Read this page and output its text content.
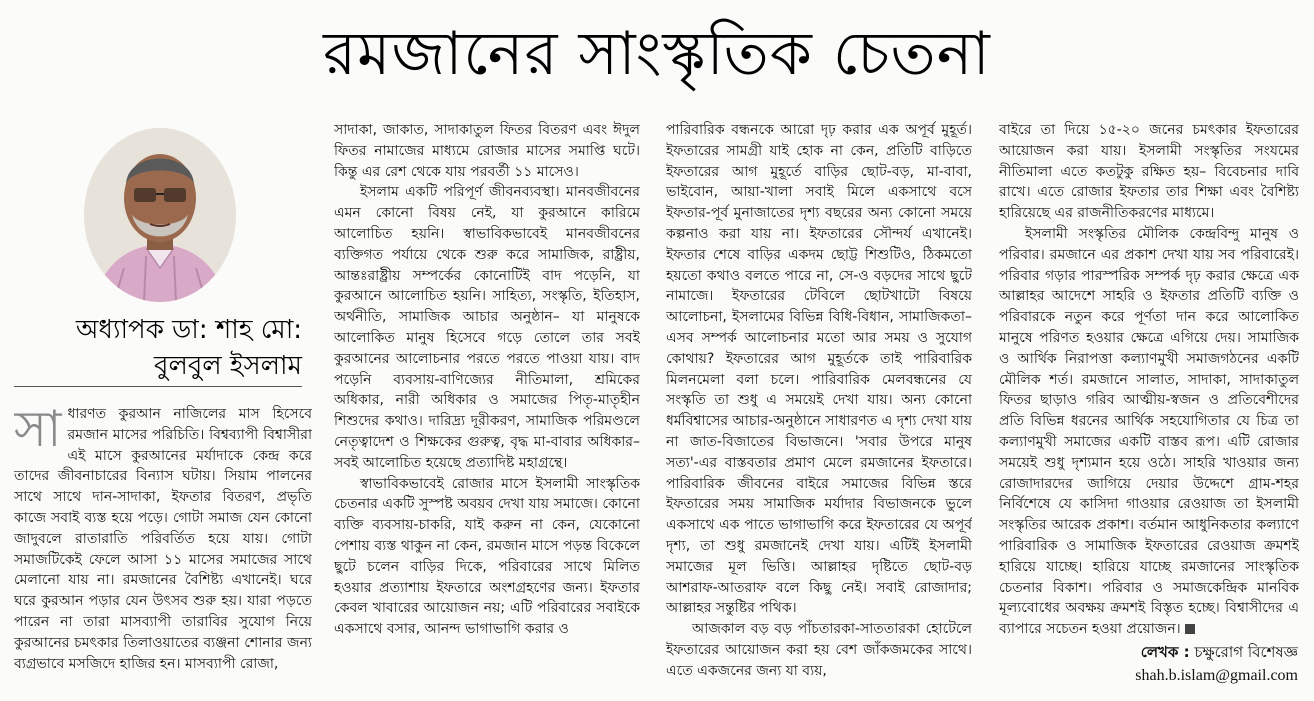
রমজানের সাংস্কৃতিক চেতনা
অধ্যাপক ডা: শাহ মো:
বুলবুল ইসলাম

সাধারণত কুরআন নাজিলের মাস হিসেবে রমজান মাসের পরিচিতি। বিশ্বব্যাপী বিশ্বাসীরা এই মাসে কুরআনের মর্যাদাকে কেন্দ্র করে তাদের জীবনাচারের বিন্যাস ঘটায়। সিয়াম পালনের সাথে সাথে দান-সাদাকা, ইফতার বিতরণ, প্রভৃতি কাজে সবাই ব্যস্ত হয়ে পড়ে। গোটা সমাজ যেন কোনো জাদুবলে রাতারাতি পরিবর্তিত হয়ে যায়। গোটা সমাজটিকেই ফেলে আসা ১১ মাসের সমাজের সাথে মেলানো যায় না। রমজানের বৈশিষ্ট্য এখানেই। ঘরে ঘরে কুরআন পড়ার যেন উৎসব শুরু হয়। যারা পড়তে পারেন না তারা মাসব্যাপী তারাবির সুযোগ নিয়ে কুরআনের চমৎকার তিলাওয়াতের ব্যঞ্জনা শোনার জন্য ব্যগ্রভাবে মসজিদে হাজির হন। মাসব্যাপী রোজা,

সাদাকা, জাকাত, সাদাকাতুল ফিতর বিতরণ এবং ঈদুল ফিতর নামাজের মাধ্যমে রোজার মাসের সমাপ্তি ঘটে। কিন্তু এর রেশ থেকে যায় পরবর্তী ১১ মাসেও।

ইসলাম একটি পরিপূর্ণ জীবনব্যবস্থা। মানবজীবনের এমন কোনো বিষয় নেই, যা কুরআনে কারিমে আলোচিত হয়নি। স্বাভাবিকভাবেই মানবজীবনের ব্যক্তিগত পর্যায়ে থেকে শুরু করে সামাজিক, রাষ্ট্রীয়, আন্তঃরাষ্ট্রীয় সম্পর্কের কোনোটিই বাদ পড়েনি, যা কুরআনে আলোচিত হয়নি। সাহিত্য, সংস্কৃতি, ইতিহাস, অর্থনীতি, সামাজিক আচার অনুষ্ঠান– যা মানুষকে আলোকিত মানুষ হিসেবে গড়ে তোলে তার সবই কুরআনের আলোচনার পরতে পরতে পাওয়া যায়। বাদ পড়েনি ব্যবসায়-বাণিজ্যের নীতিমালা, শ্রমিকের অধিকার, নারী অধিকার ও সমাজের পিতৃ-মাতৃহীন শিশুদের কথাও। দারিদ্র্য দূরীকরণ, সামাজিক পরিমণ্ডলে নেতৃত্বাদেশ ও শিক্ষকের গুরুত্ব, বৃদ্ধ মা-বাবার অধিকার– সবই আলোচিত হয়েছে প্রত্যাদিষ্ট মহাগ্রন্থে।

স্বাভাবিকভাবেই রোজার মাসে ইসলামী সাংস্কৃতিক চেতনার একটি সুস্পষ্ট অবয়ব দেখা যায় সমাজে। কোনো ব্যক্তি ব্যবসায়-চাকরি, যাই করুন না কেন, যেকোনো পেশায় ব্যস্ত থাকুন না কেন, রমজান মাসে পড়ন্ত বিকেলে ছুটে চলেন বাড়ির দিকে, পরিবারের সাথে মিলিত হওয়ার প্রত্যাশায় ইফতারে অংশগ্রহণের জন্য। ইফতার কেবল খাবারের আয়োজন নয়; এটি পরিবারের সবাইকে একসাথে বসার, আনন্দ ভাগাভাগি করার ও

পারিবারিক বন্ধনকে আরো দৃঢ় করার এক অপূর্ব মুহূর্ত। ইফতারের সামগ্রী যাই হোক না কেন, প্রতিটি বাড়িতে ইফতারের আগ মুহূর্তে বাড়ির ছোট-বড়, মা-বাবা, ভাইবোন, আয়া-খালা সবাই মিলে একসাথে বসে ইফতার-পূর্ব মুনাজাতের দৃশ্য বছরের অন্য কোনো সময়ে কল্পনাও করা যায় না। ইফতারের সৌন্দর্য এখানেই। ইফতার শেষে বাড়ির একদম ছোট্ট শিশুটিও, ঠিকমতো হয়তো কথাও বলতে পারে না, সে-ও বড়দের সাথে ছুটে নামাজে। ইফতারের টেবিলে ছোটখাটো বিষয়ে আলোচনা, ইসলামের বিভিন্ন বিধি-বিধান, সামাজিকতা– এসব সম্পর্ক আলোচনার মতো আর সময় ও সুযোগ কোথায়? ইফতারের আগ মুহূর্তকে তাই পারিবারিক মিলনমেলা বলা চলে। পারিবারিক মেলবন্ধনের যে সংস্কৃতি তা শুধু এ সময়েই দেখা যায়। অন্য কোনো ধর্মবিশ্বাসের আচার-অনুষ্ঠানে সাধারণত এ দৃশ্য দেখা যায় না জাত-বিজাতের বিভাজনে। 'সবার উপরে মানুষ সত্য'-এর বাস্তবতার প্রমাণ মেলে রমজানের ইফতারে। পারিবারিক জীবনের বাইরে সমাজের বিভিন্ন স্তরে ইফতারের সময় সামাজিক মর্যাদার বিভাজনকে ভুলে একসাথে এক পাতে ভাগাভাগি করে ইফতারের যে অপূর্ব দৃশ্য, তা শুধু রমজানেই দেখা যায়। এটিই ইসলামী সমাজের মূল ভিত্তি। আল্লাহর দৃষ্টিতে ছোট-বড় আশরাফ-আতরাফ বলে কিছু নেই। সবাই রোজাদার; আল্লাহর সন্তুষ্টির পথিক।

আজকাল বড় বড় পাঁচতারকা-সাততারকা হোটেলে ইফতারের আয়োজন করা হয় বেশ জাঁকজমকের সাথে। এতে একজনের জন্য যা ব্যয়,

বাইরে তা দিয়ে ১৫-২০ জনের চমৎকার ইফতারের আয়োজন করা যায়। ইসলামী সংস্কৃতির সংযমের নীতিমালা এতে কতটুকু রক্ষিত হয়– বিবেচনার দাবি রাখে। এতে রোজার ইফতার তার শিক্ষা এবং বৈশিষ্ট্য হারিয়েছে এর রাজনীতিকরণের মাধ্যমে।

ইসলামী সংস্কৃতির মৌলিক কেন্দ্রবিন্দু মানুষ ও পরিবার। রমজানে এর প্রকাশ দেখা যায় সব পরিবারেই। পরিবার গড়ার পারস্পরিক সম্পর্ক দৃঢ় করার ক্ষেত্রে এক আল্লাহর আদেশে সাহরি ও ইফতার প্রতিটি ব্যক্তি ও পরিবারকে নতুন করে পূর্ণতা দান করে আলোকিত মানুষে পরিণত হওয়ার ক্ষেত্রে এগিয়ে দেয়। সামাজিক ও আর্থিক নিরাপত্তা কল্যাণমুখী সমাজগঠনের একটি মৌলিক শর্ত। রমজানে সালাত, সাদাকা, সাদাকাতুল ফিতর ছাড়াও গরিব আত্মীয়-স্বজন ও প্রতিবেশীদের প্রতি বিভিন্ন ধরনের আর্থিক সহযোগিতার যে চিত্র তা কল্যাণমুখী সমাজের একটি বাস্তব রূপ। এটি রোজার সময়েই শুধু দৃশ্যমান হয়ে ওঠে। সাহরি খাওয়ার জন্য রোজাদারদের জাগিয়ে দেয়ার উদ্দেশে গ্রাম-শহর নির্বিশেষে যে কাসিদা গাওয়ার রেওয়াজ তা ইসলামী সংস্কৃতির আরেক প্রকাশ। বর্তমান আধুনিকতার কল্যাণে পারিবারিক ও সামাজিক ইফতারের রেওয়াজ ক্রমশই হারিয়ে যাচ্ছে। হারিয়ে যাচ্ছে রমজানের সাংস্কৃতিক চেতনার বিকাশ। পরিবার ও সমাজকেন্দ্রিক মানবিক মূল্যবোধের অবক্ষয় ক্রমশই বিস্তৃত হচ্ছে। বিশ্বাসীদের এ ব্যাপারে সচেতন হওয়া প্রয়োজন।

লেখক : চক্ষুরোগ বিশেষজ্ঞ
shah.b.islam@gmail.com
